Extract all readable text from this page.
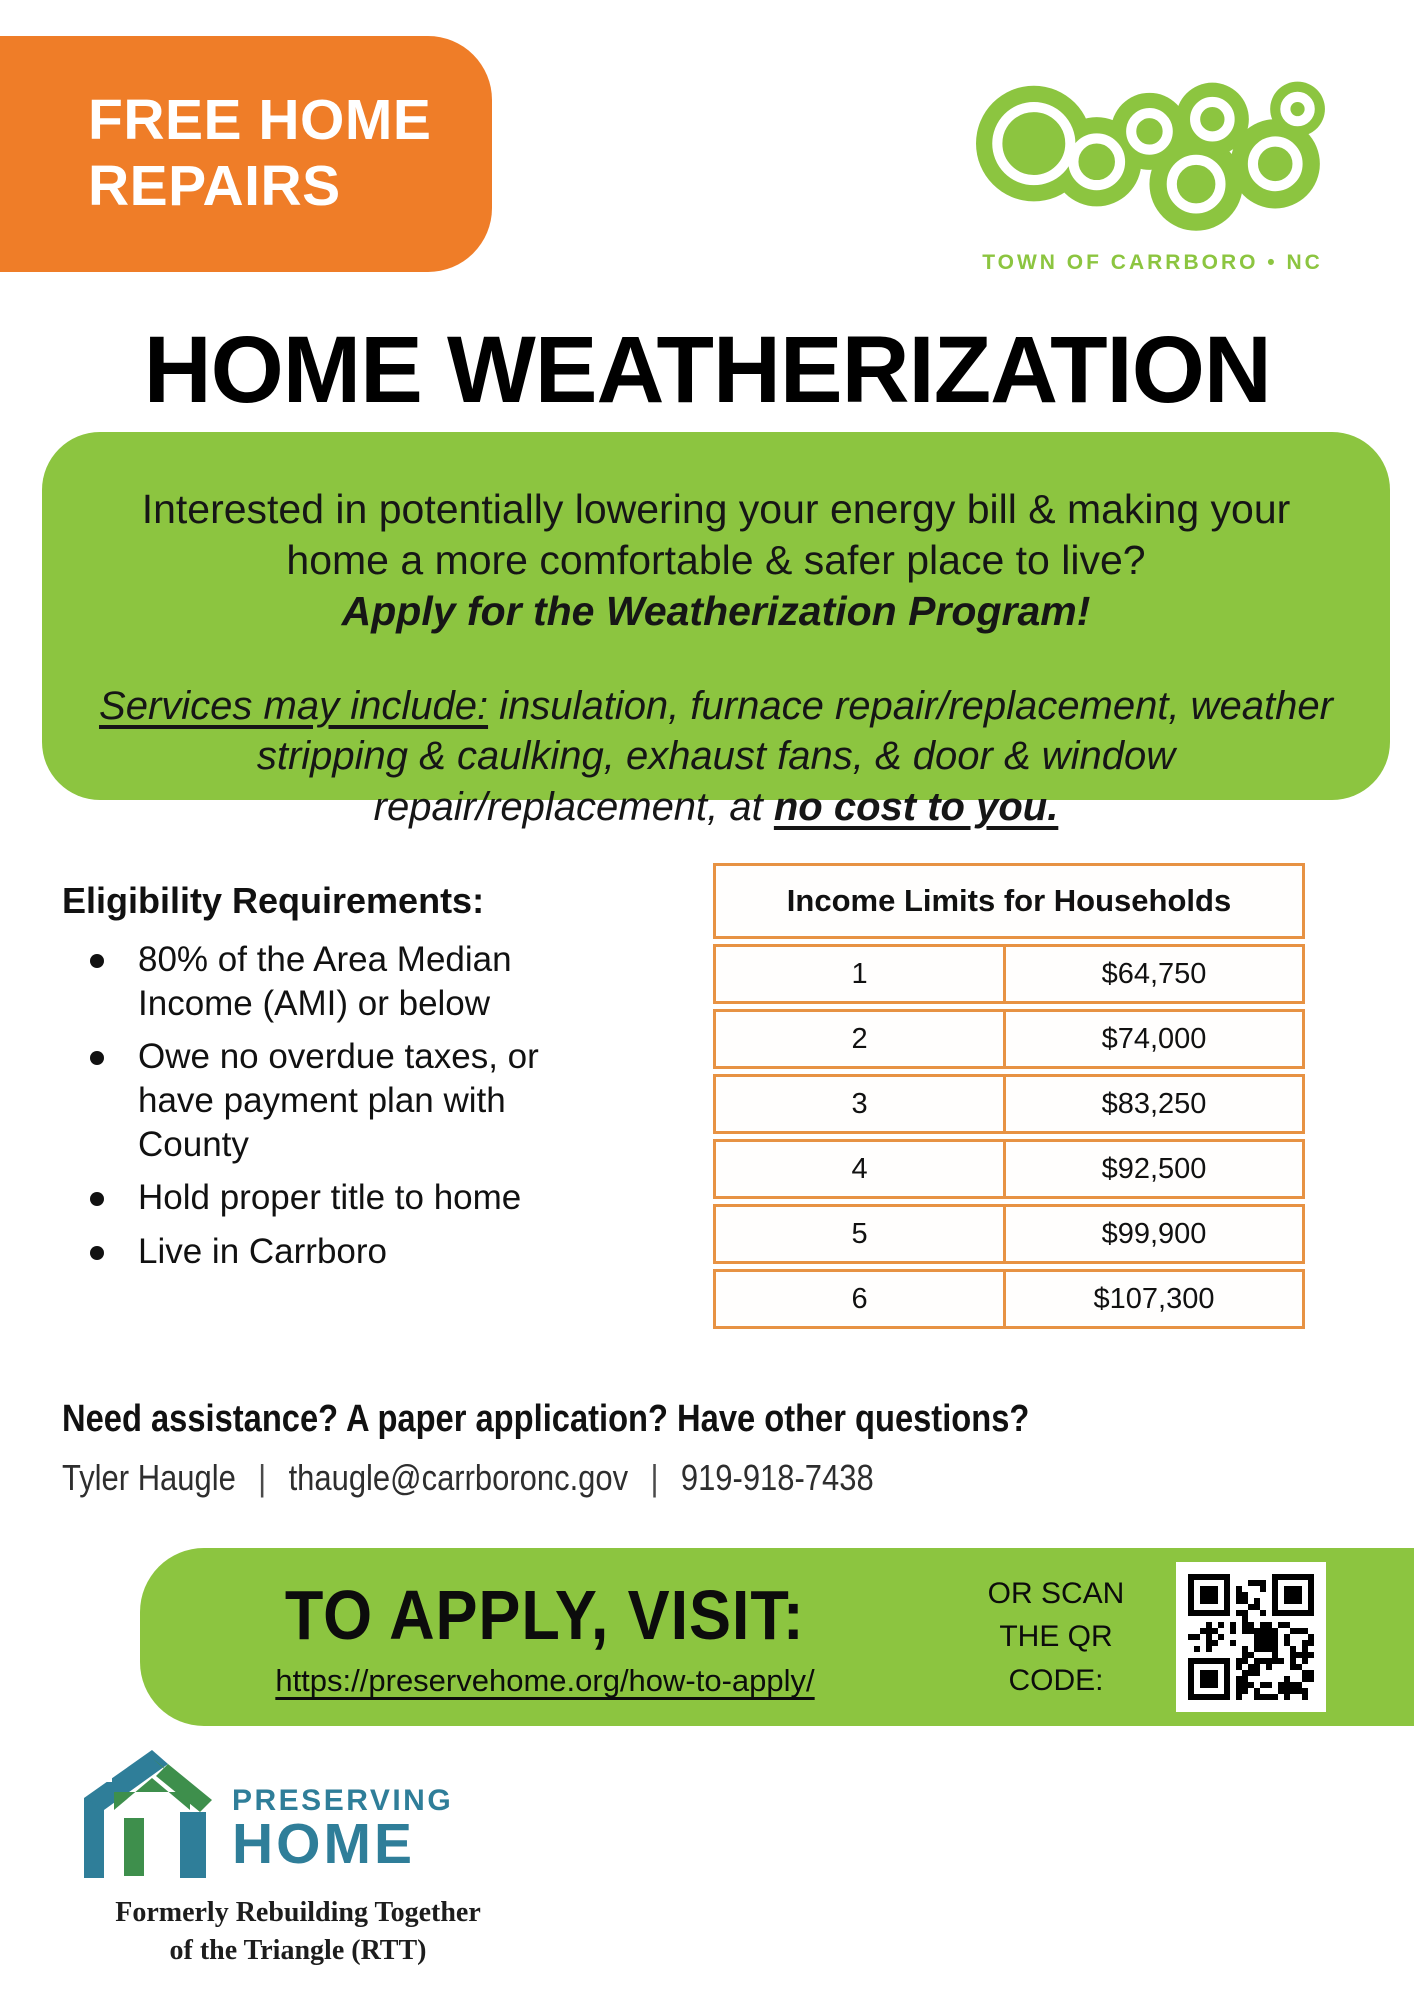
FREE HOME REPAIRS
TOWN OF CARRBORO • NC
HOME WEATHERIZATION

Interested in potentially lowering your energy bill & making your home a more comfortable & safer place to live?

Apply for the Weatherization Program!

Services may include: insulation, furnace repair/replacement, weather stripping & caulking, exhaust fans, & door & window repair/replacement, at no cost to you.

Eligibility Requirements:
80% of the Area Median Income (AMI) or below
Owe no overdue taxes, or have payment plan with County
Hold proper title to home
Live in Carrboro
Income Limits for Households	
1	$64,750
2	$74,000
3	$83,250
4	$92,500
5	$99,900
6	$107,300
Need assistance? A paper application? Have other questions?
Tyler Haugle | thaugle@carrboronc.gov | 919-918-7438
TO APPLY, VISIT:
https://preservehome.org/how-to-apply/
OR SCAN
THE QR
CODE:
PRESERVING
HOME
Formerly Rebuilding Together
of the Triangle (RTT)
